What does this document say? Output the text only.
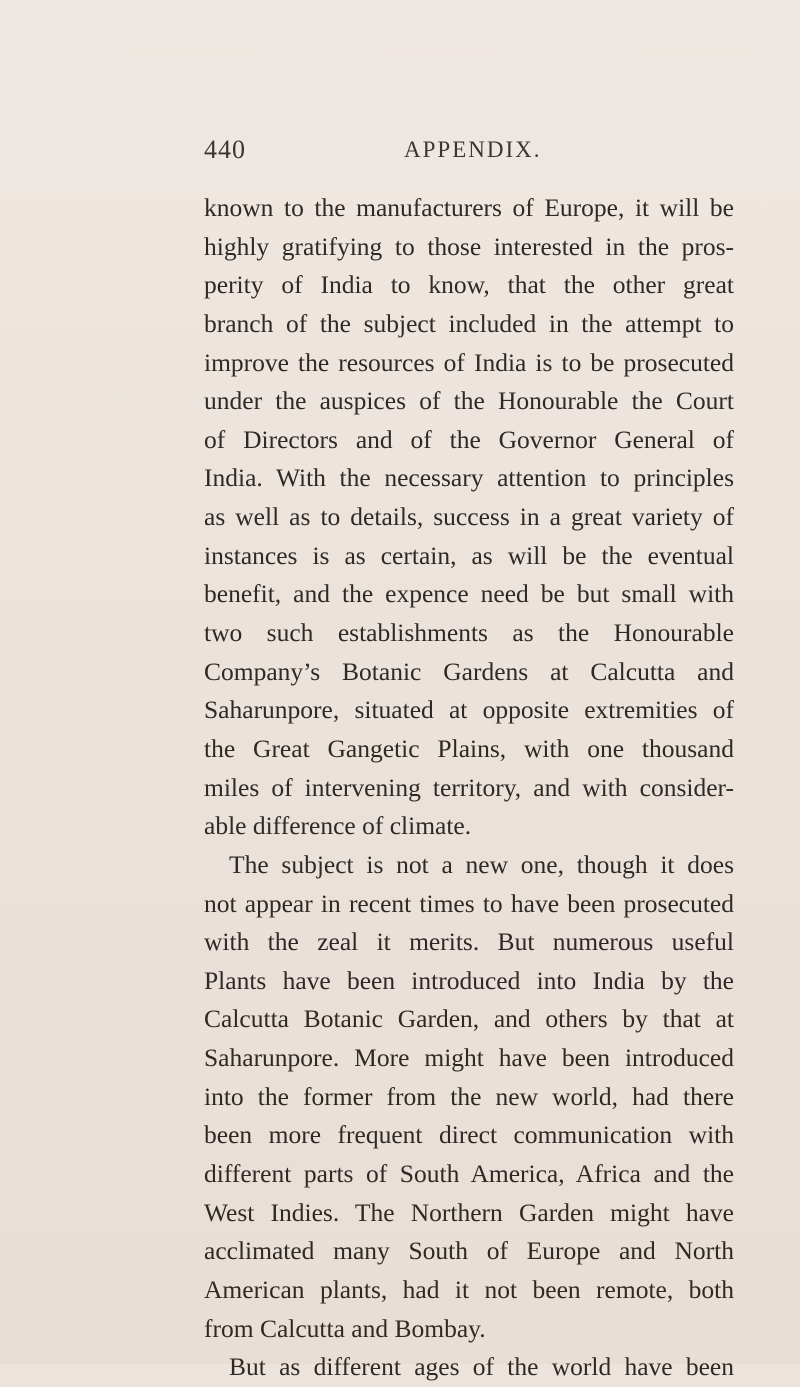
440	APPENDIX.
known to the manufacturers of Europe, it will be
highly gratifying to those interested in the pros-
perity of India to know, that the other great
branch of the subject included in the attempt to
improve the resources of India is to be prosecuted
under the auspices of the Honourable the Court
of Directors and of the Governor General of
India. With the necessary attention to principles
as well as to details, success in a great variety of
instances is as certain, as will be the eventual
benefit, and the expence need be but small with
two such establishments as the Honourable
Company’s Botanic Gardens at Calcutta and
Saharunpore, situated at opposite extremities of
the Great Gangetic Plains, with one thousand
miles of intervening territory, and with consider-
able difference of climate.
The subject is not a new one, though it does
not appear in recent times to have been prosecuted
with the zeal it merits. But numerous useful
Plants have been introduced into India by the
Calcutta Botanic Garden, and others by that at
Saharunpore. More might have been introduced
into the former from the new world, had there
been more frequent direct communication with
different parts of South America, Africa and the
West Indies. The Northern Garden might have
acclimated many South of Europe and North
American plants, had it not been remote, both
from Calcutta and Bombay.
But as different ages of the world have been
